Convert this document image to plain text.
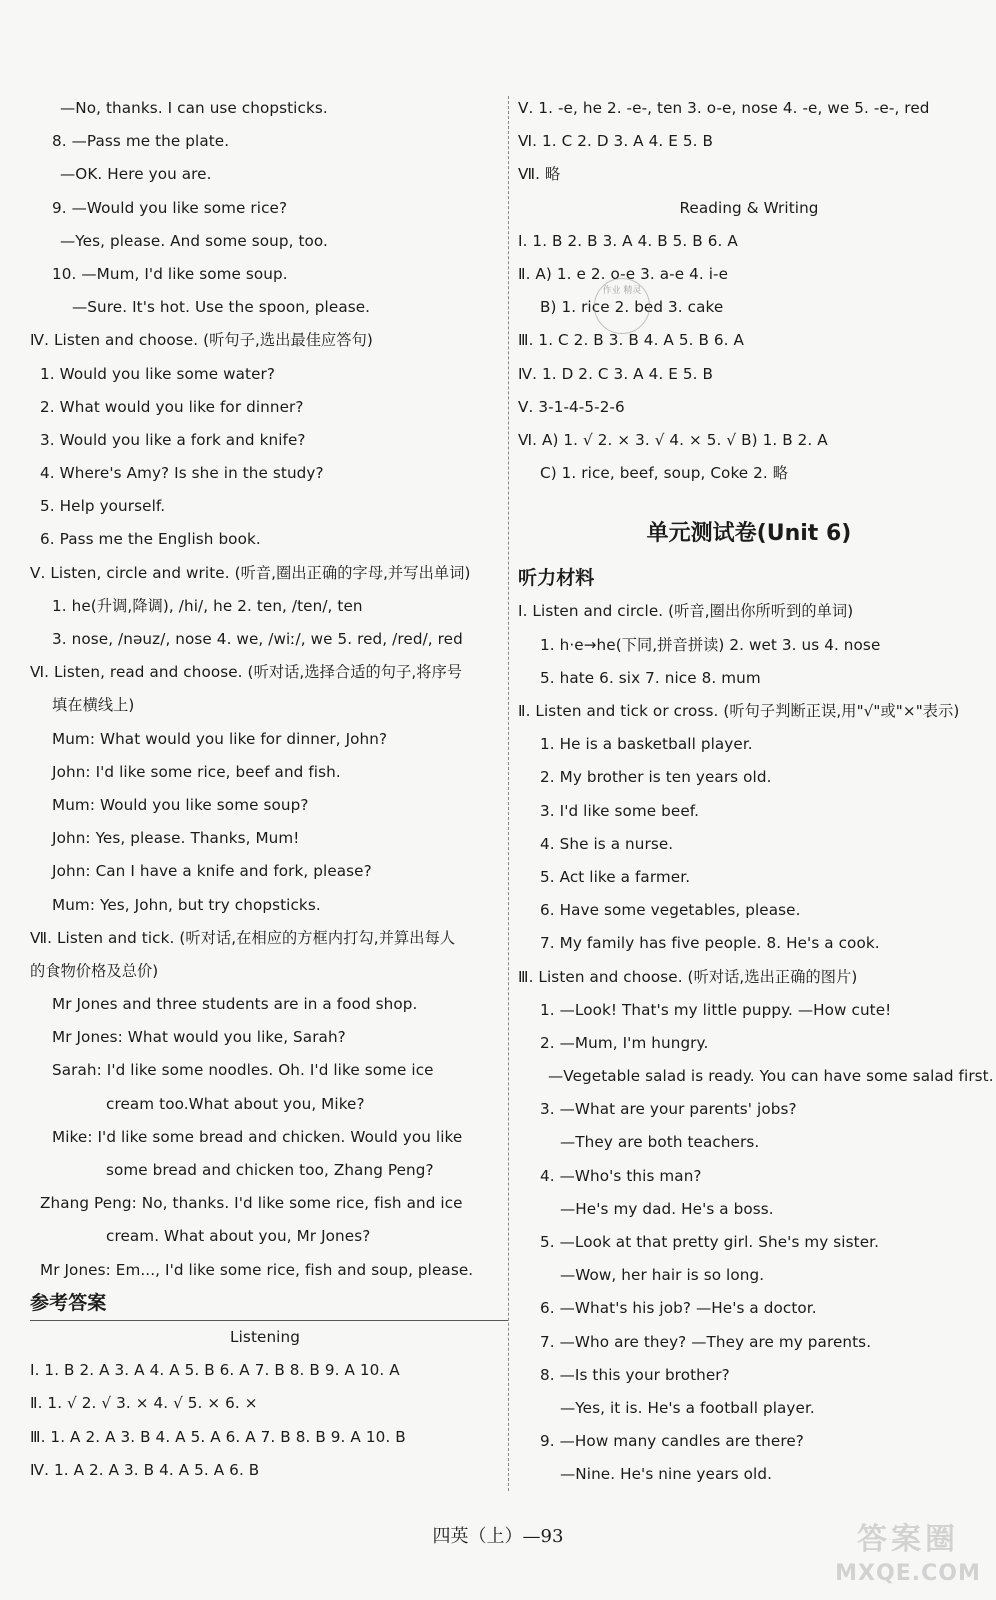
—No, thanks. I can use chopsticks.
8. —Pass me the plate.
—OK. Here you are.
9. —Would you like some rice?
—Yes, please. And some soup, too.
10. —Mum, I'd like some soup.
—Sure. It's hot. Use the spoon, please.
Ⅳ. Listen and choose. (听句子,选出最佳应答句)
1. Would you like some water?
2. What would you like for dinner?
3. Would you like a fork and knife?
4. Where's Amy? Is she in the study?
5. Help yourself.
6. Pass me the English book.
Ⅴ. Listen, circle and write. (听音,圈出正确的字母,并写出单词)
1. he(升调,降调), /hi/, he 2. ten, /ten/, ten
3. nose, /nəuz/, nose 4. we, /wiː/, we 5. red, /red/, red
Ⅵ. Listen, read and choose. (听对话,选择合适的句子,将序号
填在横线上)
Mum: What would you like for dinner, John?
John: I'd like some rice, beef and fish.
Mum: Would you like some soup?
John: Yes, please. Thanks, Mum!
John: Can I have a knife and fork, please?
Mum: Yes, John, but try chopsticks.
Ⅶ. Listen and tick. (听对话,在相应的方框内打勾,并算出每人
的食物价格及总价)
Mr Jones and three students are in a food shop.
Mr Jones: What would you like, Sarah?
Sarah: I'd like some noodles. Oh. I'd like some ice
cream too.What about you, Mike?
Mike: I'd like some bread and chicken. Would you like
some bread and chicken too, Zhang Peng?
Zhang Peng: No, thanks. I'd like some rice, fish and ice
cream. What about you, Mr Jones?
Mr Jones: Em..., I'd like some rice, fish and soup, please.
参考答案
Listening
Ⅰ. 1. B 2. A 3. A 4. A 5. B 6. A 7. B 8. B 9. A 10. A
Ⅱ. 1. √ 2. √ 3. × 4. √ 5. × 6. ×
Ⅲ. 1. A 2. A 3. B 4. A 5. A 6. A 7. B 8. B 9. A 10. B
Ⅳ. 1. A 2. A 3. B 4. A 5. A 6. B
Ⅴ. 1. -e, he 2. -e-, ten 3. o-e, nose 4. -e, we 5. -e-, red
Ⅵ. 1. C 2. D 3. A 4. E 5. B
Ⅶ. 略
Reading & Writing
Ⅰ. 1. B 2. B 3. A 4. B 5. B 6. A
Ⅱ. A) 1. e 2. o-e 3. a-e 4. i-e
B) 1. rice 2. bed 3. cake
Ⅲ. 1. C 2. B 3. B 4. A 5. B 6. A
Ⅳ. 1. D 2. C 3. A 4. E 5. B
Ⅴ. 3-1-4-5-2-6
Ⅵ. A) 1. √ 2. × 3. √ 4. × 5. √ B) 1. B 2. A
C) 1. rice, beef, soup, Coke 2. 略
单元测试卷(Unit 6)
听力材料
Ⅰ. Listen and circle. (听音,圈出你所听到的单词)
1. h·e→he(下同,拼音拼读) 2. wet 3. us 4. nose
5. hate 6. six 7. nice 8. mum
Ⅱ. Listen and tick or cross. (听句子判断正误,用"√"或"×"表示)
1. He is a basketball player.
2. My brother is ten years old.
3. I'd like some beef.
4. She is a nurse.
5. Act like a farmer.
6. Have some vegetables, please.
7. My family has five people. 8. He's a cook.
Ⅲ. Listen and choose. (听对话,选出正确的图片)
1. —Look! That's my little puppy. —How cute!
2. —Mum, I'm hungry.
—Vegetable salad is ready. You can have some salad first.
3. —What are your parents' jobs?
—They are both teachers.
4. —Who's this man?
—He's my dad. He's a boss.
5. —Look at that pretty girl. She's my sister.
—Wow, her hair is so long.
6. —What's his job? —He's a doctor.
7. —Who are they? —They are my parents.
8. —Is this your brother?
—Yes, it is. He's a football player.
9. —How many candles are there?
—Nine. He's nine years old.
作业 精灵
答案圈
MXQE.COM
四英（上）—93
